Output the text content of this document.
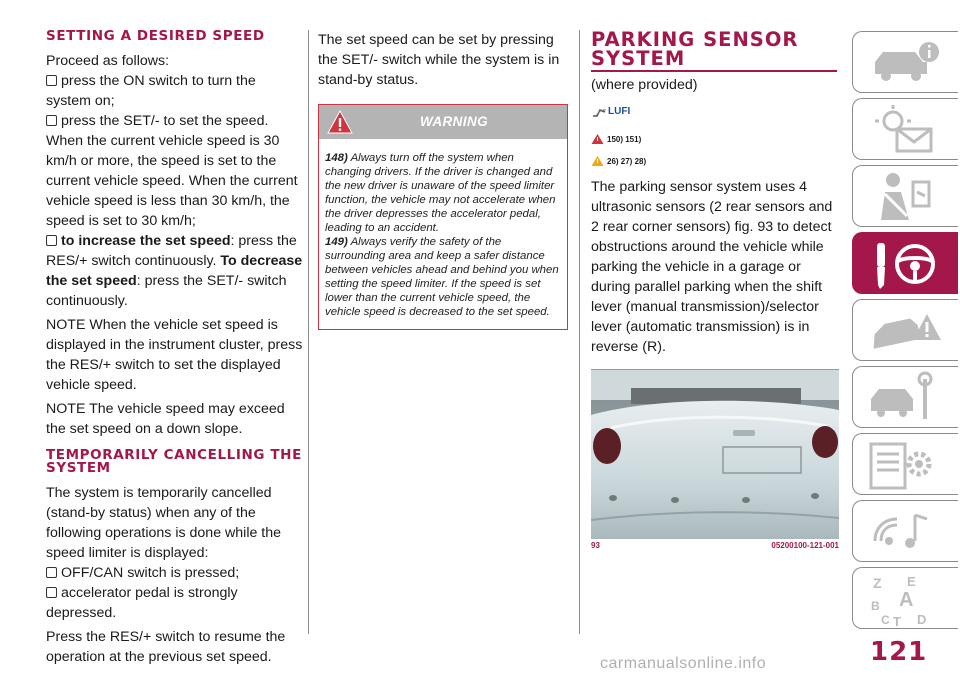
SETTING A DESIRED SPEED
Proceed as follows:
press the ON switch to turn the system on;
press the SET/- to set the speed.
When the current vehicle speed is 30 km/h or more, the speed is set to the current vehicle speed. When the current vehicle speed is less than 30 km/h, the speed is set to 30 km/h;
to increase the set speed: press the RES/+ switch continuously. To decrease the set speed: press the SET/- switch continuously.
NOTE When the vehicle set speed is displayed in the instrument cluster, press the RES/+ switch to set the displayed vehicle speed.
NOTE The vehicle speed may exceed the set speed on a down slope.
TEMPORARILY CANCELLING THE SYSTEM
The system is temporarily cancelled (stand-by status) when any of the following operations is done while the speed limiter is displayed:
OFF/CAN switch is pressed;
accelerator pedal is strongly depressed.
Press the RES/+ switch to resume the operation at the previous set speed.
The set speed can be set by pressing the SET/- switch while the system is in stand-by status.
WARNING
148) Always turn off the system when changing drivers. If the driver is changed and the new driver is unaware of the speed limiter function, the vehicle may not accelerate when the driver depresses the accelerator pedal, leading to an accident.
149) Always verify the safety of the surrounding area and keep a safer distance between vehicles ahead and behind you when setting the speed limiter. If the speed is set lower than the current vehicle speed, the vehicle speed is decreased to the set speed.
PARKING SENSOR SYSTEM
(where provided)
LUFI
150) 151)
26) 27) 28)
The parking sensor system uses 4 ultrasonic sensors (2 rear sensors and 2 rear corner sensors) fig. 93 to detect obstructions around the vehicle while parking the vehicle in a garage or during parallel parking when the shift lever (manual transmission)/selector lever (automatic transmission) is in reverse (R).
93	05200100-121-001
Z E
A
B
C T D
121
carmanualsonline.info
